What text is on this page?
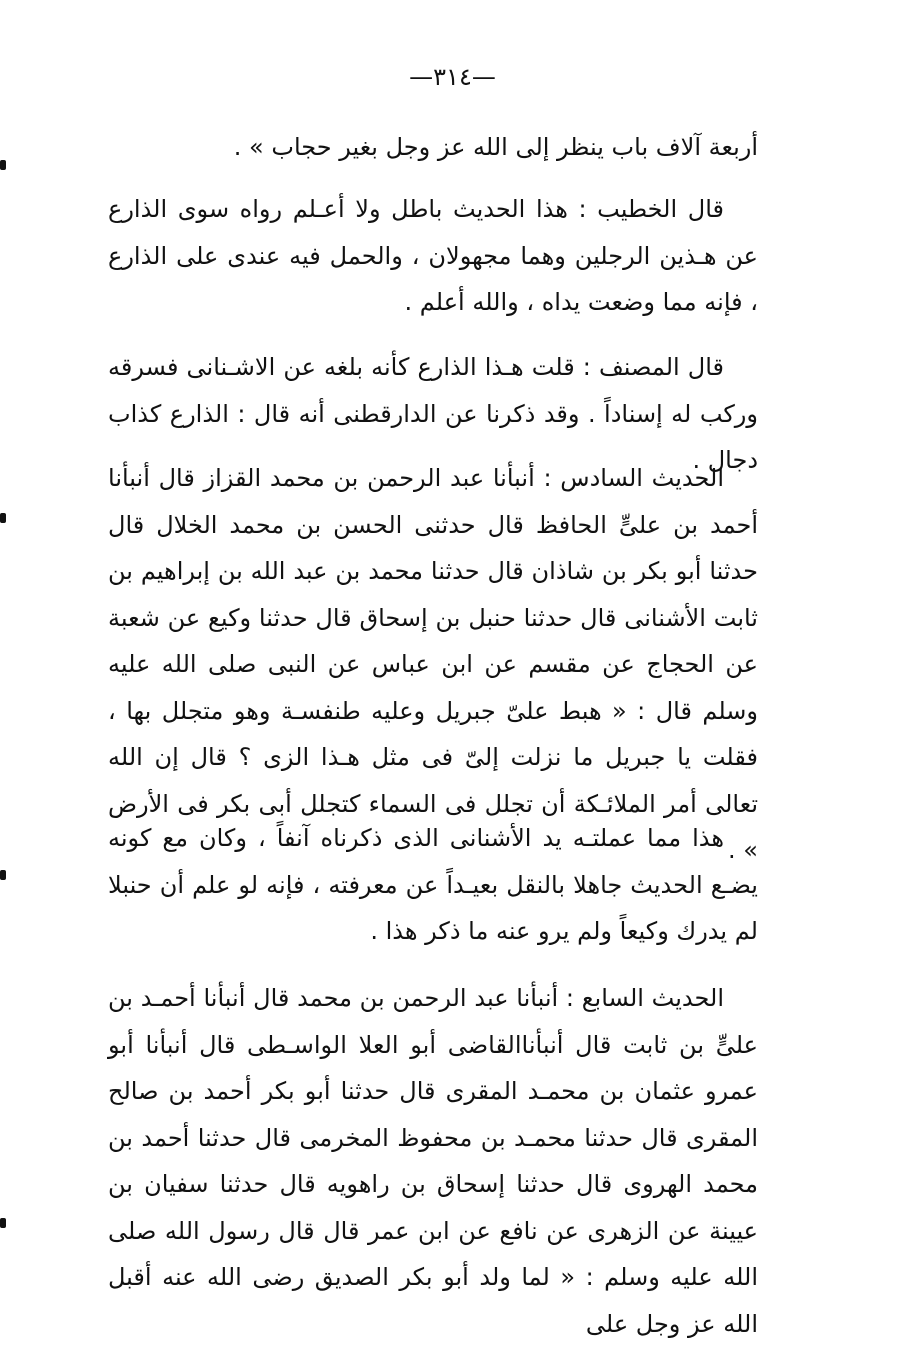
—٣١٤—

أربعة آلاف باب ينظر إلى الله عز وجل بغير حجاب » .

قال الخطيب : هذا الحديث باطل ولا أعـلم رواه سوى الذارع عن هـذين الرجلين وهما مجهولان ، والحمل فيه عندى على الذارع ، فإنه مما وضعت يداه ، والله أعلم .

قال المصنف : قلت هـذا الذارع كأنه بلغه عن الاشـنانى فسرقه وركب له إسناداً . وقد ذكرنا عن الدارقطنى أنه قال : الذارع كذاب دجال .

الحديث السادس : أنبأنا عبد الرحمن بن محمد القزاز قال أنبأنا أحمد بن علىٍّ الحافظ قال حدثنى الحسن بن محمد الخلال قال حدثنا أبو بكر بن شاذان قال حدثنا محمد بن عبد الله بن إبراهيم بن ثابت الأشنانى قال حدثنا حنبل بن إسحاق قال حدثنا وكيع عن شعبة عن الحجاج عن مقسم عن ابن عباس عن النبى صلى الله عليه وسلم قال : « هبط علىّ جبريل وعليه طنفسـة وهو متجلل بها ، فقلت يا جبريل ما نزلت إلىّ فى مثل هـذا الزى ؟ قال إن الله تعالى أمر الملائـكة أن تجلل فى السماء كتجلل أبى بكر فى الأرض » .

هذا مما عملتـه يد الأشنانى الذى ذكرناه آنفاً ، وكان مع كونه يضـع الحديث جاهلا بالنقل بعيـداً عن معرفته ، فإنه لو علم أن حنبلا لم يدرك وكيعاً ولم يرو عنه ما ذكر هذا .

الحديث السابع : أنبأنا عبد الرحمن بن محمد قال أنبأنا أحمـد بن علىٍّ بن ثابت قال أنبأناالقاضى أبو العلا الواسـطى قال أنبأنا أبو عمرو عثمان بن محمـد المقرى قال حدثنا أبو بكر أحمد بن صالح المقرى قال حدثنا محمـد بن محفوظ المخرمى قال حدثنا أحمد بن محمد الهروى قال حدثنا إسحاق بن راهويه قال حدثنا سفيان بن عيينة عن الزهرى عن نافع عن ابن عمر قال قال رسول الله صلى الله عليه وسلم : « لما ولد أبو بكر الصديق رضى الله عنه أقبل الله عز وجل على
